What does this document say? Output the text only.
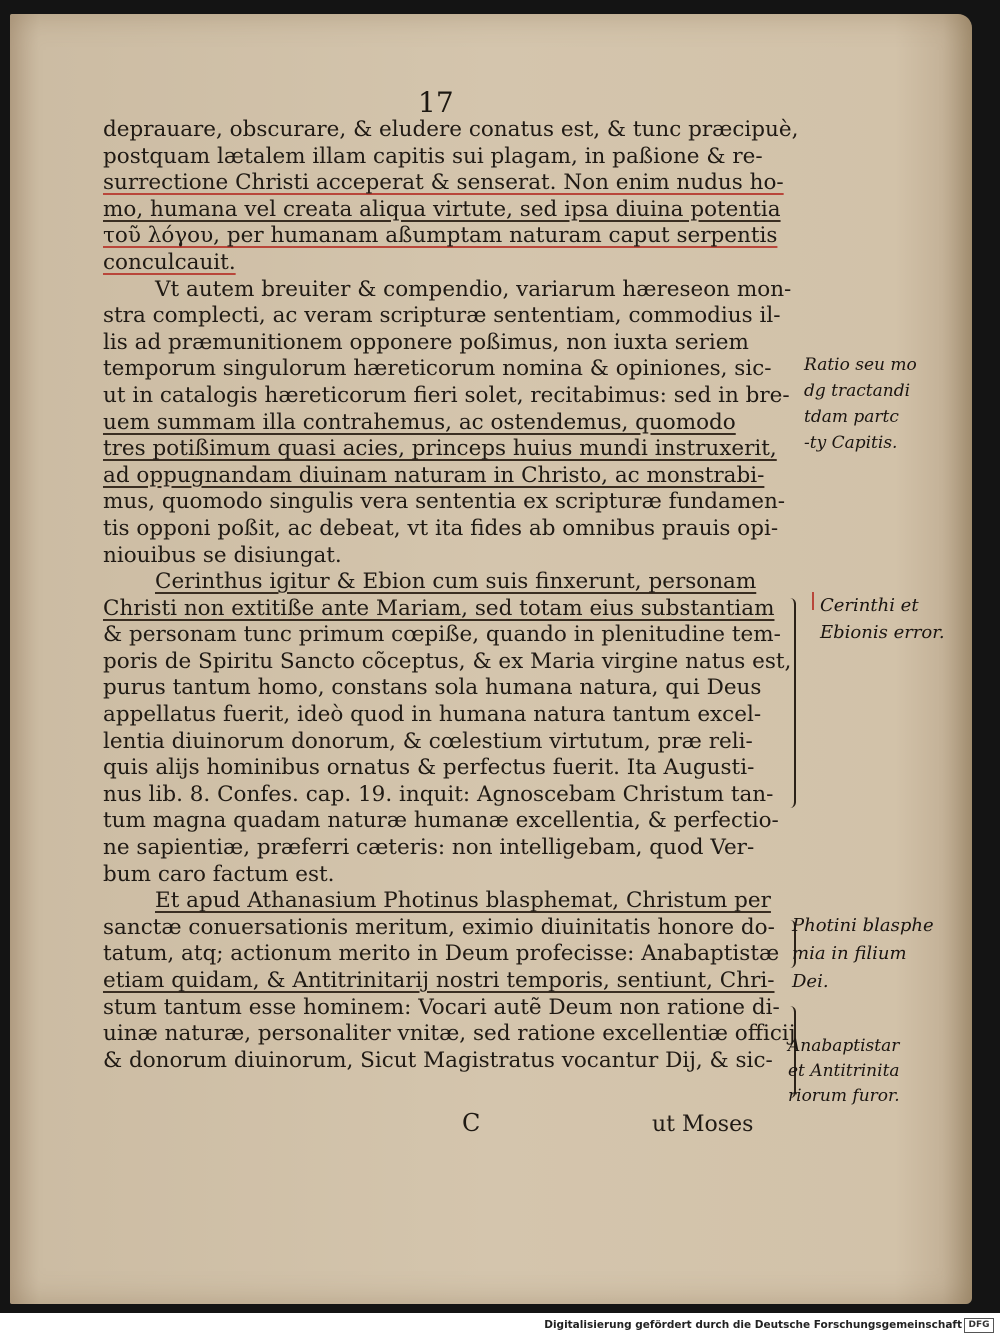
17
deprauare, obscurare, & eludere conatus est, & tunc præcipuè,
postquam lætalem illam capitis sui plagam, in paßione & re-
surrectione Christi acceperat & senserat. Non enim nudus ho-
mo, humana vel creata aliqua virtute, sed ipsa diuina potentia
τοῦ λόγου, per humanam aßumptam naturam caput serpentis
conculcauit.
Vt autem breuiter & compendio, variarum hæreseon mon-
stra complecti, ac veram scripturæ sententiam, commodius il-
lis ad præmunitionem opponere poßimus, non iuxta seriem
temporum singulorum hæreticorum nomina & opiniones, sic-
ut in catalogis hæreticorum fieri solet, recitabimus: sed in bre-
uem summam illa contrahemus, ac ostendemus, quomodo
tres potißimum quasi acies, princeps huius mundi instruxerit,
ad oppugnandam diuinam naturam in Christo, ac monstrabi-
mus, quomodo singulis vera sententia ex scripturæ fundamen-
tis opponi poßit, ac debeat, vt ita fides ab omnibus prauis opi-
niouibus se disiungat.
Cerinthus igitur & Ebion cum suis finxerunt, personam
Christi non extitiße ante Mariam, sed totam eius substantiam
& personam tunc primum cœpiße, quando in plenitudine tem-
poris de Spiritu Sancto cõceptus, & ex Maria virgine natus est,
purus tantum homo, constans sola humana natura, qui Deus
appellatus fuerit, ideò quod in humana natura tantum excel-
lentia diuinorum donorum, & cœlestium virtutum, præ reli-
quis alijs hominibus ornatus & perfectus fuerit. Ita Augusti-
nus lib. 8. Confes. cap. 19. inquit: Agnoscebam Christum tan-
tum magna quadam naturæ humanæ excellentia, & perfectio-
ne sapientiæ, præferri cæteris: non intelligebam, quod Ver-
bum caro factum est.
Et apud Athanasium Photinus blasphemat, Christum per
sanctæ conuersationis meritum, eximio diuinitatis honore do-
tatum, atq; actionum merito in Deum profecisse: Anabaptistæ
etiam quidam, & Antitrinitarij nostri temporis, sentiunt, Chri-
stum tantum esse hominem: Vocari autẽ Deum non ratione di-
uinæ naturæ, personaliter vnitæ, sed ratione excellentiæ officij
& donorum diuinorum, Sicut Magistratus vocantur Dij, & sic-
C	ut Moses
Ratio seu mo
dg tractandi
tdam partc
-ty Capitis.
Cerinthi et
Ebionis error.
Photini blasphe
mia in filium
Dei.
Anabaptistar
et Antitrinita
riorum furor.
Digitalisierung gefördert durch die Deutsche Forschungsgemeinschaft DFG
